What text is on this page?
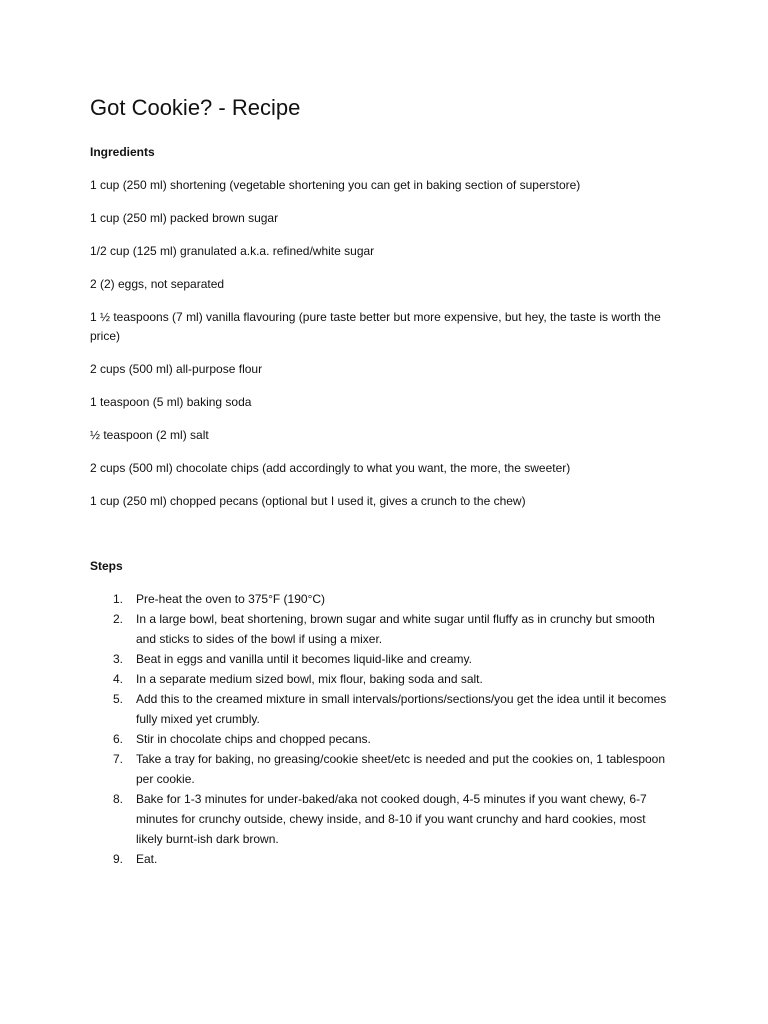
Got Cookie? - Recipe
Ingredients
1 cup (250 ml) shortening (vegetable shortening you can get in baking section of superstore)
1 cup (250 ml) packed brown sugar
1/2 cup (125 ml) granulated a.k.a. refined/white sugar
2 (2) eggs, not separated
1 ½ teaspoons (7 ml) vanilla flavouring (pure taste better but more expensive, but hey, the taste is worth the price)
2 cups (500 ml) all-purpose flour
1 teaspoon (5 ml) baking soda
½ teaspoon (2 ml) salt
2 cups (500 ml) chocolate chips (add accordingly to what you want, the more, the sweeter)
1 cup (250 ml) chopped pecans (optional but I used it, gives a crunch to the chew)
Steps
1.	Pre-heat the oven to 375°F (190°C)
2.	In a large bowl, beat shortening, brown sugar and white sugar until fluffy as in crunchy but smooth and sticks to sides of the bowl if using a mixer.
3.	Beat in eggs and vanilla until it becomes liquid-like and creamy.
4.	In a separate medium sized bowl, mix flour, baking soda and salt.
5.	Add this to the creamed mixture in small intervals/portions/sections/you get the idea until it becomes fully mixed yet crumbly.
6.	Stir in chocolate chips and chopped pecans.
7.	Take a tray for baking, no greasing/cookie sheet/etc is needed and put the cookies on, 1 tablespoon per cookie.
8.	Bake for 1-3 minutes for under-baked/aka not cooked dough, 4-5 minutes if you want chewy, 6-7 minutes for crunchy outside, chewy inside, and 8-10 if you want crunchy and hard cookies, most likely burnt-ish dark brown.
9.	Eat.
